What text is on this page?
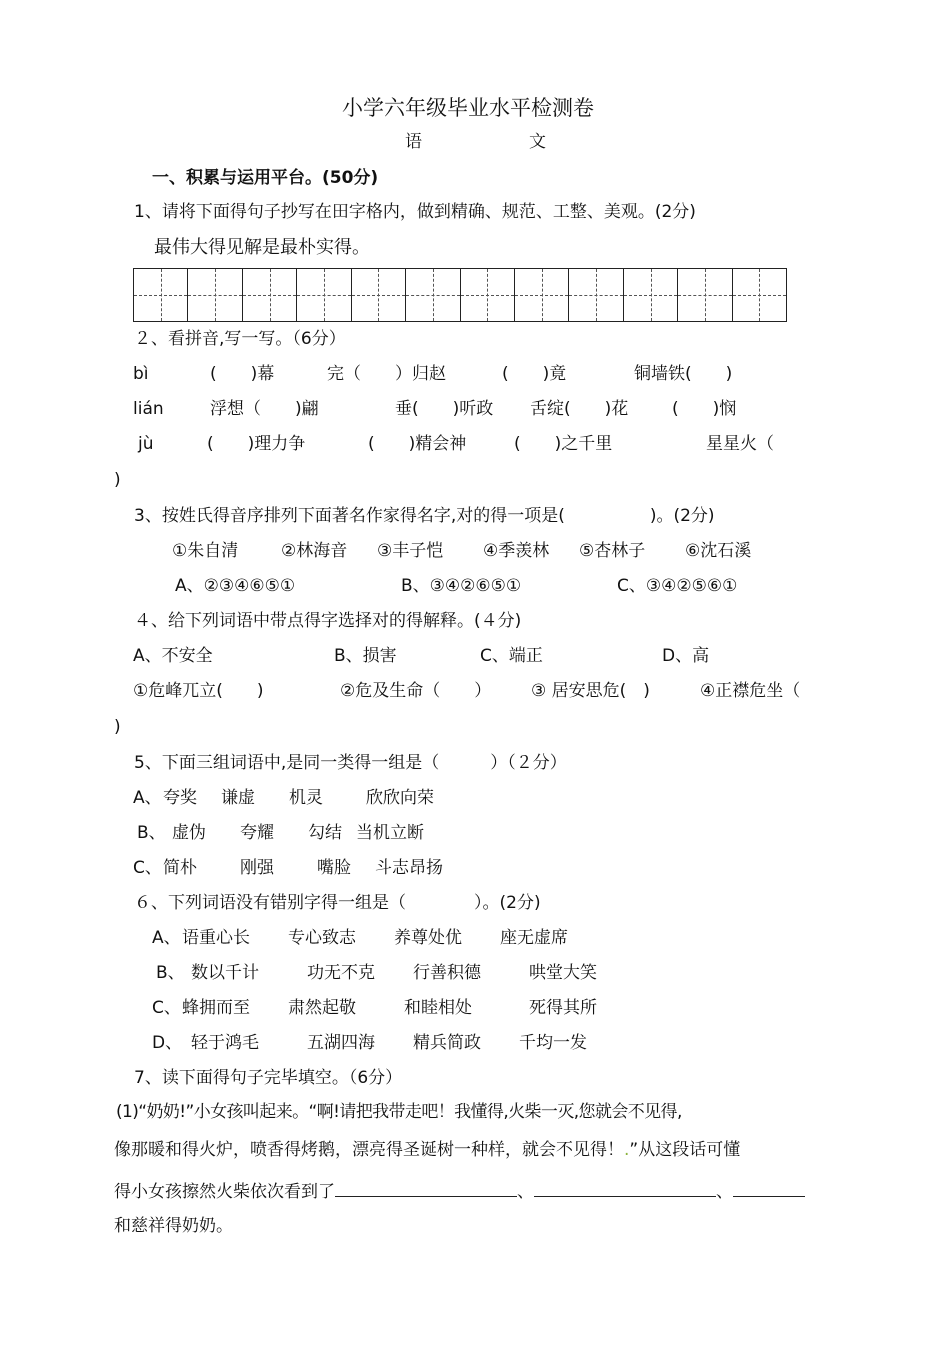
小学六年级毕业水平检测卷
语	文
一、积累与运用平台。(50分)
1、请将下面得句子抄写在田字格内，做到精确、规范、工整、美观。(2分)
最伟大得见解是最朴实得。
２、看拼音,写一写。（6分）
bì	(　　)幕	完（　　）归赵	(　　)竟	铜墙铁(　　)
lián	浮想（　　)翩	垂(　　)听政 舌绽(　　)花	(　　)悯
jù	(　　)理力争	(　　)精会神	(　　)之千里	星星火（
)
3、按姓氏得音序排列下面著名作家得名字,对的得一项是(　　　　　)。(2分)
①朱自清	②林海音 ③丰子恺 ④季羡林 ⑤杏林子 ⑥沈石溪
A、②③④⑥⑤①	B、③④②⑥⑤①	C、③④②⑤⑥①
４、给下列词语中带点得字选择对的得解释。(４分)
A、不安全	B、损害	C、端正	D、高
①危峰兀立(　　)	②危及生命（　　） ③ 居安思危(　)	④正襟危坐（
)
5、下面三组词语中,是同一类得一组是（　　　）（２分）
A、 夸奖 谦虚 机灵	欣欣向荣
B、 虚伪 夸耀 勾结 当机立断
C、 简朴	刚强	嘴脸 斗志昂扬
６、下列词语没有错别字得一组是（　　　　）。(2分)
A、 语重心长 专心致志 养尊处优 座无虚席
B、 数以千计	功无不克 行善积德	哄堂大笑
C、 蜂拥而至 肃然起敬	和睦相处	死得其所
D、 轻于鸿毛	五湖四海 精兵简政 千均一发
7、读下面得句子完毕填空。（6分）
(1)“奶奶!”小女孩叫起来。“啊!请把我带走吧！我懂得,火柴一灭,您就会不见得,
像那暖和得火炉，喷香得烤鹅，漂亮得圣诞树一种样，就会不见得！.”从这段话可懂
得小女孩擦然火柴依次看到了	、	、
和慈祥得奶奶。
